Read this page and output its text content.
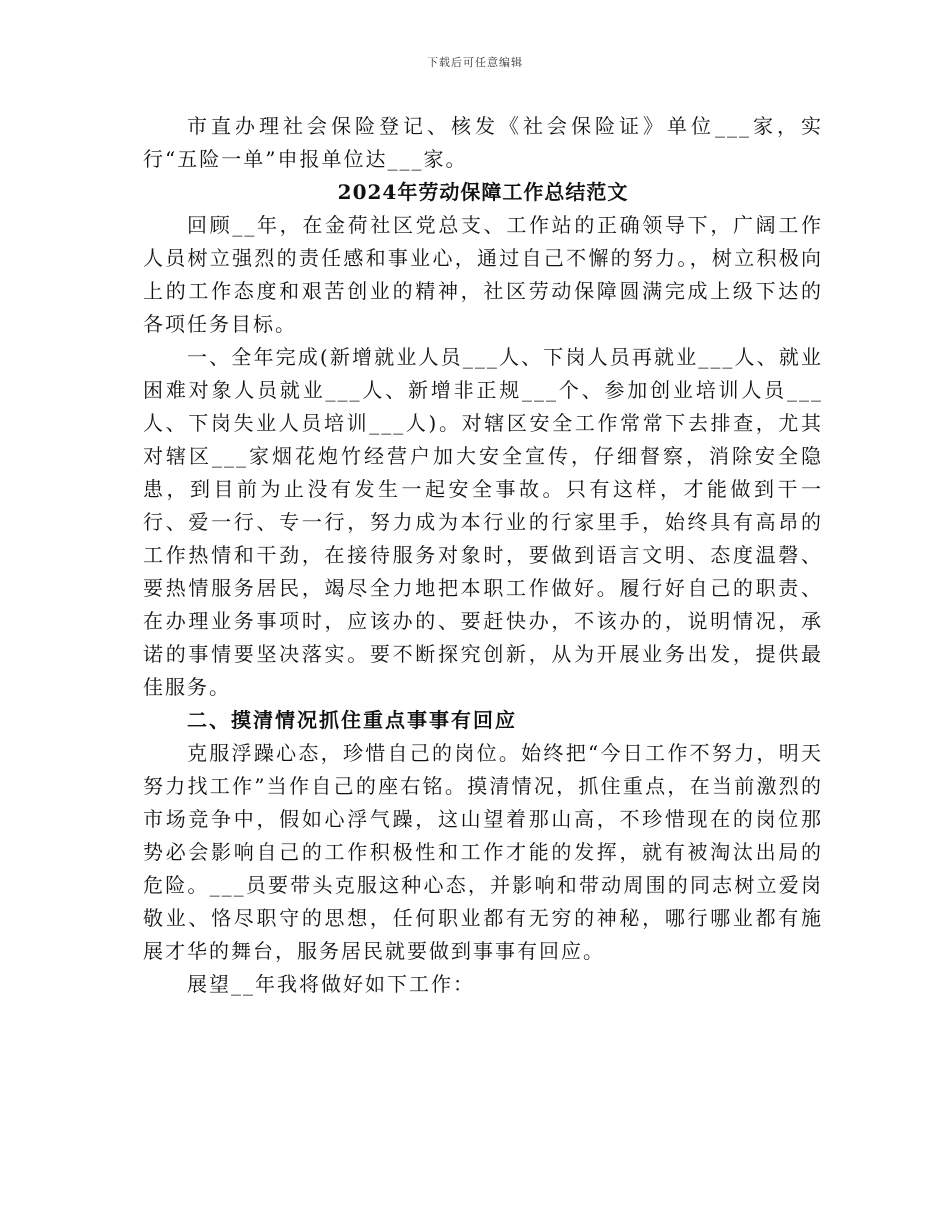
下载后可任意编辑

市直办理社会保险登记、核发《社会保险证》单位___家，实行“五险一单”申报单位达___家。

2024年劳动保障工作总结范文

回顾__年，在金荷社区党总支、工作站的正确领导下，广阔工作人员树立强烈的责任感和事业心，通过自己不懈的努力。，树立积极向上的工作态度和艰苦创业的精神，社区劳动保障圆满完成上级下达的各项任务目标。

一、全年完成(新增就业人员___人、下岗人员再就业___人、就业困难对象人员就业___人、新增非正规___个、参加创业培训人员___人、下岗失业人员培训___人)。对辖区安全工作常常下去排查，尤其对辖区___家烟花炮竹经营户加大安全宣传，仔细督察，消除安全隐患，到目前为止没有发生一起安全事故。只有这样，才能做到干一行、爱一行、专一行，努力成为本行业的行家里手，始终具有高昂的工作热情和干劲，在接待服务对象时，要做到语言文明、态度温磬、要热情服务居民，竭尽全力地把本职工作做好。履行好自己的职责、在办理业务事项时，应该办的、要赶快办，不该办的，说明情况，承诺的事情要坚决落实。要不断探究创新，从为开展业务出发，提供最佳服务。

二、摸清情况抓住重点事事有回应

克服浮躁心态，珍惜自己的岗位。始终把“今日工作不努力，明天努力找工作”当作自己的座右铭。摸清情况，抓住重点，在当前激烈的市场竞争中，假如心浮气躁，这山望着那山高，不珍惜现在的岗位那势必会影响自己的工作积极性和工作才能的发挥，就有被淘汰出局的危险。___员要带头克服这种心态，并影响和带动周围的同志树立爱岗敬业、恪尽职守的思想，任何职业都有无穷的神秘，哪行哪业都有施展才华的舞台，服务居民就要做到事事有回应。

展望__年我将做好如下工作：
